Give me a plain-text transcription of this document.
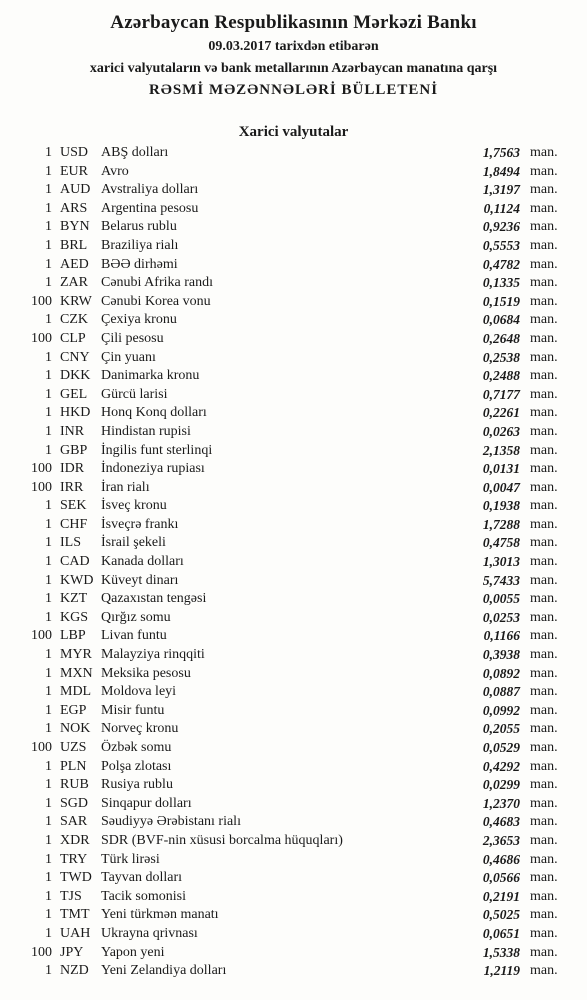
Azərbaycan Respublikasının Mərkəzi Bankı
09.03.2017 tarixdən etibarən
xarici valyutaların və bank metallarının Azərbaycan manatına qarşı
RƏSMİ MƏZƏNNƏLƏRİ BÜLLETENİ
Xarici valyutalar
1 USD ABŞ dolları	1,7563 man.
1 EUR Avro	1,8494 man.
1 AUD Avstraliya dolları	1,3197 man.
1 ARS Argentina pesosu	0,1124 man.
1 BYN Belarus rublu	0,9236 man.
1 BRL Braziliya rialı	0,5553 man.
1 AED BƏƏ dirhəmi	0,4782 man.
1 ZAR Cənubi Afrika randı	0,1335 man.
100 KRW Cənubi Korea vonu	0,1519 man.
1 CZK Çexiya kronu	0,0684 man.
100 CLP Çili pesosu	0,2648 man.
1 CNY Çin yuanı	0,2538 man.
1 DKK Danimarka kronu	0,2488 man.
1 GEL Gürcü larisi	0,7177 man.
1 HKD Honq Konq dolları	0,2261 man.
1 INR Hindistan rupisi	0,0263 man.
1 GBP İngilis funt sterlinqi	2,1358 man.
100 IDR İndoneziya rupiası	0,0131 man.
100 IRR İran rialı	0,0047 man.
1 SEK İsveç kronu	0,1938 man.
1 CHF İsveçrə frankı	1,7288 man.
1 ILS İsrail şekeli	0,4758 man.
1 CAD Kanada dolları	1,3013 man.
1 KWD Küveyt dinarı	5,7433 man.
1 KZT Qazaxıstan tengəsi	0,0055 man.
1 KGS Qırğız somu	0,0253 man.
100 LBP Livan funtu	0,1166 man.
1 MYR Malayziya rinqqiti	0,3938 man.
1 MXN Meksika pesosu	0,0892 man.
1 MDL Moldova leyi	0,0887 man.
1 EGP Misir funtu	0,0992 man.
1 NOK Norveç kronu	0,2055 man.
100 UZS Özbək somu	0,0529 man.
1 PLN Polşa zlotası	0,4292 man.
1 RUB Rusiya rublu	0,0299 man.
1 SGD Sinqapur dolları	1,2370 man.
1 SAR Səudiyyə Ərəbistanı rialı	0,4683 man.
1 XDR SDR (BVF-nin xüsusi borcalma hüquqları)	2,3653 man.
1 TRY Türk lirəsi	0,4686 man.
1 TWD Tayvan dolları	0,0566 man.
1 TJS Tacik somonisi	0,2191 man.
1 TMT Yeni türkmən manatı	0,5025 man.
1 UAH Ukrayna qrivnası	0,0651 man.
100 JPY Yapon yeni	1,5338 man.
1 NZD Yeni Zelandiya dolları	1,2119 man.
